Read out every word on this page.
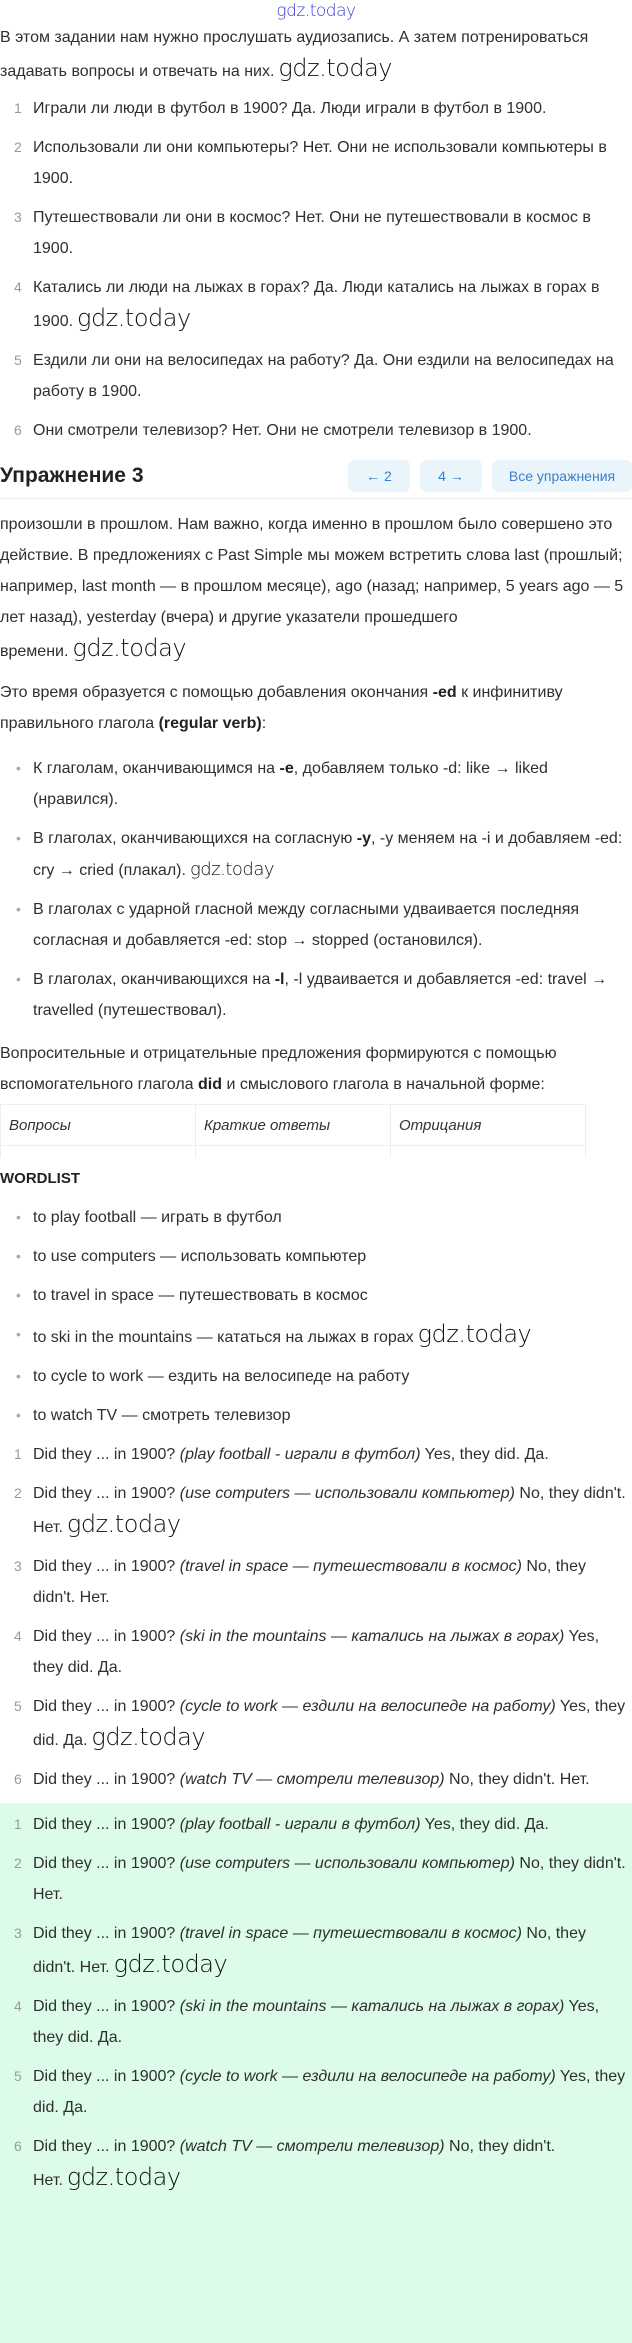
gdz.today

В этом задании нам нужно прослушать аудиозапись. А затем потренироваться задавать вопросы и отвечать на них. gdz.today

1 Играли ли люди в футбол в 1900? Да. Люди играли в футбол в 1900.
2 Использовали ли они компьютеры? Нет. Они не использовали компьютеры в 1900.
3 Путешествовали ли они в космос? Нет. Они не путешествовали в космос в 1900.
4 Катались ли люди на лыжах в горах? Да. Люди катались на лыжах в горах в 1900. gdz.today
5 Ездили ли они на велосипедах на работу? Да. Они ездили на велосипедах на работу в 1900.
6 Они смотрели телевизор? Нет. Они не смотрели телевизор в 1900.
Упражнение 3	← 2	4 →	Все упражнения

произошли в прошлом. Нам важно, когда именно в прошлом было совершено это действие. В предложениях с Past Simple мы можем встретить слова last (прошлый; например, last month — в прошлом месяце), ago (назад; например, 5 years ago — 5 лет назад), yesterday (вчера) и другие указатели прошедшего времени. gdz.today

Это время образуется с помощью добавления окончания -ed к инфинитиву правильного глагола (regular verb):

• К глаголам, оканчивающимся на -e, добавляем только -d: like → liked (нравился).
• В глаголах, оканчивающихся на согласную -y, -y меняем на -i и добавляем -ed: cry → cried (плакал). gdz.today
• В глаголах с ударной гласной между согласными удваивается последняя согласная и добавляется -ed: stop → stopped (остановился).
• В глаголах, оканчивающихся на -l, -l удваивается и добавляется -ed: travel → travelled (путешествовал).

Вопросительные и отрицательные предложения формируются с помощью вспомогательного глагола did и смыслового глагола в начальной форме:

Вопросы	Краткие ответы	Отрицания

WORDLIST
• to play football — играть в футбол
• to use computers — использовать компьютер
• to travel in space — путешествовать в космос
• to ski in the mountains — кататься на лыжах в горах gdz.today
• to cycle to work — ездить на велосипеде на работу
• to watch TV — смотреть телевизор
1 Did they ... in 1900? (play football - играли в футбол) Yes, they did. Да.
2 Did they ... in 1900? (use computers — использовали компьютер) No, they didn't. Нет. gdz.today
3 Did they ... in 1900? (travel in space — путешествовали в космос) No, they didn't. Нет.
4 Did they ... in 1900? (ski in the mountains — катались на лыжах в горах) Yes, they did. Да.
5 Did they ... in 1900? (cycle to work — ездили на велосипеде на работу) Yes, they did. Да. gdz.today
6 Did they ... in 1900? (watch TV — смотрели телевизор) No, they didn't. Нет.
1 Did they ... in 1900? (play football - играли в футбол) Yes, they did. Да.
2 Did they ... in 1900? (use computers — использовали компьютер) No, they didn't. Нет.
3 Did they ... in 1900? (travel in space — путешествовали в космос) No, they didn't. Нет. gdz.today
4 Did they ... in 1900? (ski in the mountains — катались на лыжах в горах) Yes, they did. Да.
5 Did they ... in 1900? (cycle to work — ездили на велосипеде на работу) Yes, they did. Да.
6 Did they ... in 1900? (watch TV — смотрели телевизор) No, they didn't. Нет. gdz.today
